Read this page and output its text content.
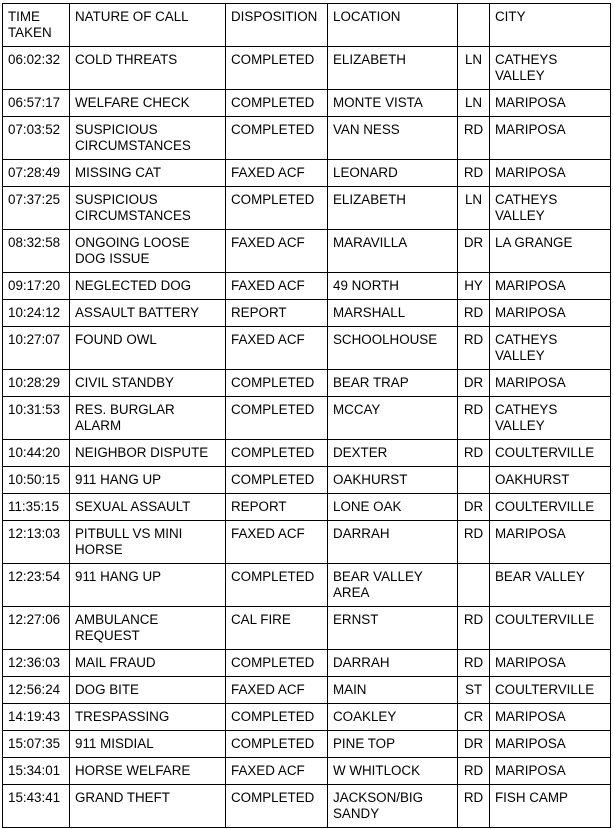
TIME TAKEN	NATURE OF CALL	DISPOSITION	LOCATION		CITY
06:02:32	COLD THREATS	COMPLETED	ELIZABETH	LN	CATHEYS VALLEY
06:57:17	WELFARE CHECK	COMPLETED	MONTE VISTA	LN	MARIPOSA
07:03:52	SUSPICIOUS CIRCUMSTANCES	COMPLETED	VAN NESS	RD	MARIPOSA
07:28:49	MISSING CAT	FAXED ACF	LEONARD	RD	MARIPOSA
07:37:25	SUSPICIOUS CIRCUMSTANCES	COMPLETED	ELIZABETH	LN	CATHEYS VALLEY
08:32:58	ONGOING LOOSE DOG ISSUE	FAXED ACF	MARAVILLA	DR	LA GRANGE
09:17:20	NEGLECTED DOG	FAXED ACF	49 NORTH	HY	MARIPOSA
10:24:12	ASSAULT BATTERY	REPORT	MARSHALL	RD	MARIPOSA
10:27:07	FOUND OWL	FAXED ACF	SCHOOLHOUSE	RD	CATHEYS VALLEY
10:28:29	CIVIL STANDBY	COMPLETED	BEAR TRAP	DR	MARIPOSA
10:31:53	RES. BURGLAR ALARM	COMPLETED	MCCAY	RD	CATHEYS VALLEY
10:44:20	NEIGHBOR DISPUTE	COMPLETED	DEXTER	RD	COULTERVILLE
10:50:15	911 HANG UP	COMPLETED	OAKHURST		OAKHURST
11:35:15	SEXUAL ASSAULT	REPORT	LONE OAK	DR	COULTERVILLE
12:13:03	PITBULL VS MINI HORSE	FAXED ACF	DARRAH	RD	MARIPOSA
12:23:54	911 HANG UP	COMPLETED	BEAR VALLEY AREA		BEAR VALLEY
12:27:06	AMBULANCE REQUEST	CAL FIRE	ERNST	RD	COULTERVILLE
12:36:03	MAIL FRAUD	COMPLETED	DARRAH	RD	MARIPOSA
12:56:24	DOG BITE	FAXED ACF	MAIN	ST	COULTERVILLE
14:19:43	TRESPASSING	COMPLETED	COAKLEY	CR	MARIPOSA
15:07:35	911 MISDIAL	COMPLETED	PINE TOP	DR	MARIPOSA
15:34:01	HORSE WELFARE	FAXED ACF	W WHITLOCK	RD	MARIPOSA
15:43:41	GRAND THEFT	COMPLETED	JACKSON/BIG SANDY	RD	FISH CAMP
